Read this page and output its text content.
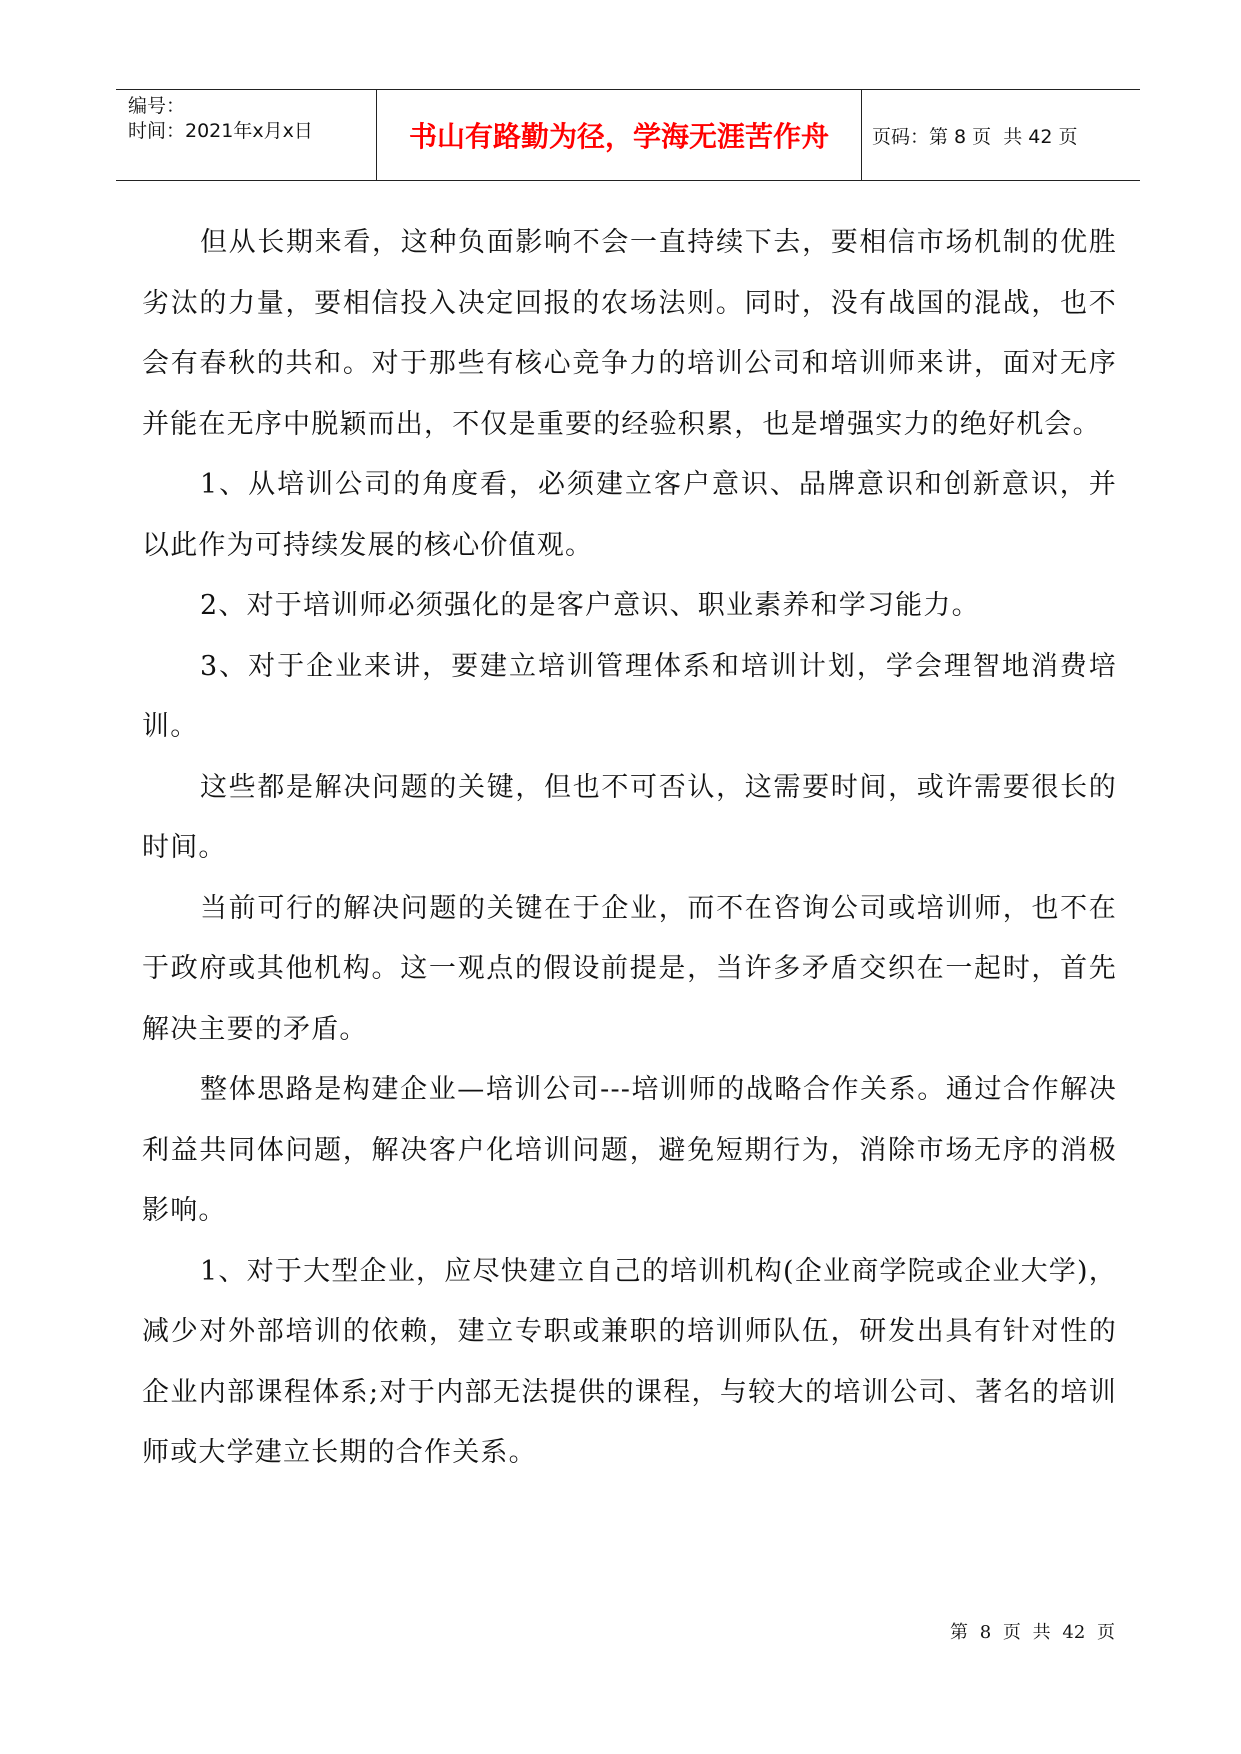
编号：
时间：2021年x月x日	书山有路勤为径，学海无涯苦作舟	页码：第 8 页  共 42 页

但从长期来看，这种负面影响不会一直持续下去，要相信市场机制的优胜劣汰的力量，要相信投入决定回报的农场法则。同时，没有战国的混战，也不会有春秋的共和。对于那些有核心竞争力的培训公司和培训师来讲，面对无序并能在无序中脱颖而出，不仅是重要的经验积累，也是增强实力的绝好机会。

1、从培训公司的角度看，必须建立客户意识、品牌意识和创新意识，并以此作为可持续发展的核心价值观。

2、对于培训师必须强化的是客户意识、职业素养和学习能力。

3、对于企业来讲，要建立培训管理体系和培训计划，学会理智地消费培训。

这些都是解决问题的关键，但也不可否认，这需要时间，或许需要很长的时间。

当前可行的解决问题的关键在于企业，而不在咨询公司或培训师，也不在于政府或其他机构。这一观点的假设前提是，当许多矛盾交织在一起时，首先解决主要的矛盾。

整体思路是构建企业—培训公司---培训师的战略合作关系。通过合作解决利益共同体问题，解决客户化培训问题，避免短期行为，消除市场无序的消极影响。

1、对于大型企业，应尽快建立自己的培训机构(企业商学院或企业大学)，减少对外部培训的依赖，建立专职或兼职的培训师队伍，研发出具有针对性的企业内部课程体系;对于内部无法提供的课程，与较大的培训公司、著名的培训师或大学建立长期的合作关系。

第 8 页 共 42 页
